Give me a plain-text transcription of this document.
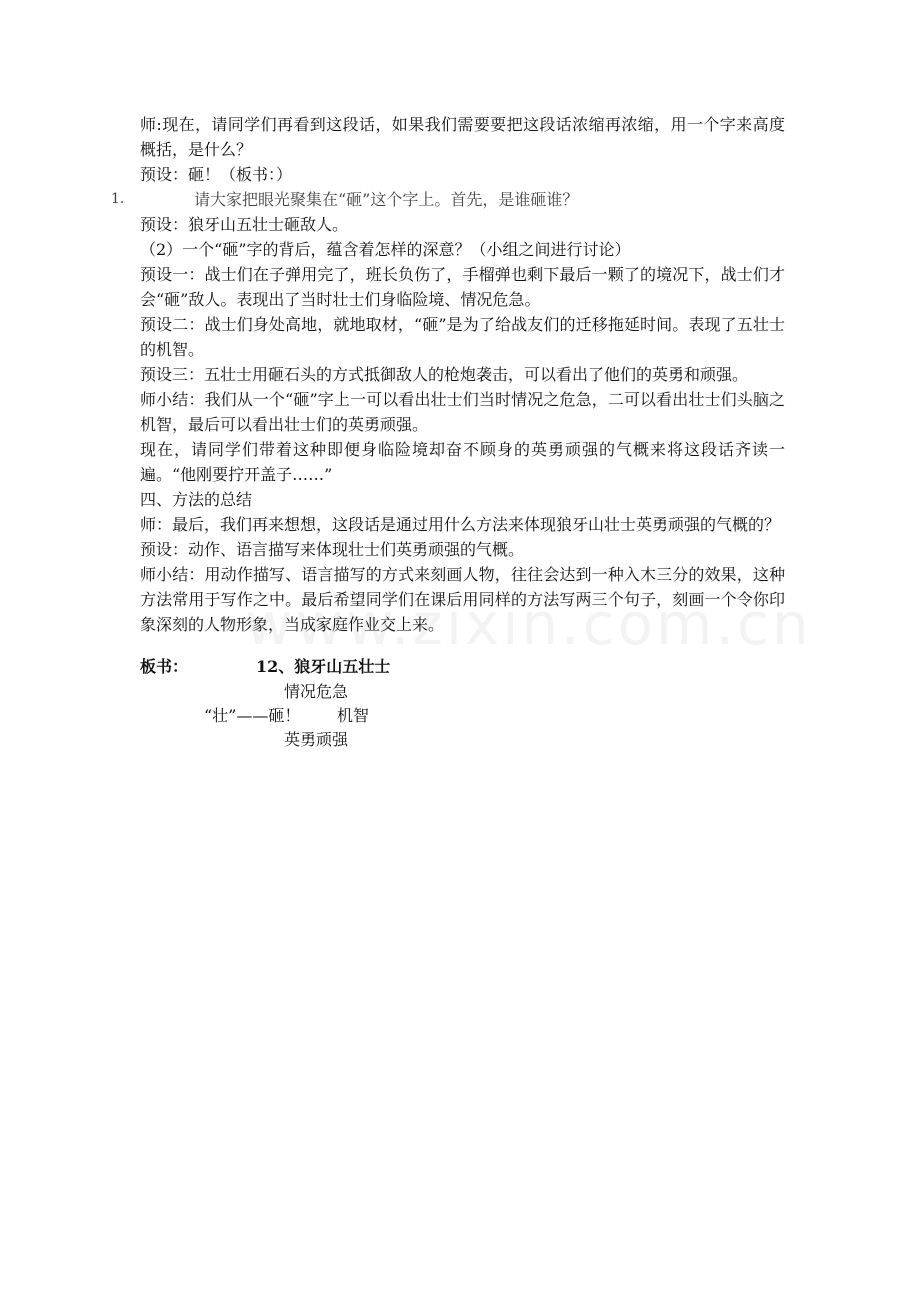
师:现在，请同学们再看到这段话，如果我们需要要把这段话浓缩再浓缩，用一个字来高度概括，是什么？

预设：砸！（板书：）

1.	请大家把眼光聚集在“砸”这个字上。首先，是谁砸谁？

预设：狼牙山五壮士砸敌人。

（2）一个“砸”字的背后，蕴含着怎样的深意？（小组之间进行讨论）

预设一：战士们在子弹用完了，班长负伤了，手榴弹也剩下最后一颗了的境况下，战士们才会“砸”敌人。表现出了当时壮士们身临险境、情况危急。

预设二：战士们身处高地，就地取材，“砸”是为了给战友们的迁移拖延时间。表现了五壮士的机智。

预设三：五壮士用砸石头的方式抵御敌人的枪炮袭击，可以看出了他们的英勇和顽强。

师小结：我们从一个“砸”字上一可以看出壮士们当时情况之危急，二可以看出壮士们头脑之机智，最后可以看出壮士们的英勇顽强。

现在，请同学们带着这种即便身临险境却奋不顾身的英勇顽强的气概来将这段话齐读一遍。“他刚要拧开盖子……”

四、方法的总结

师：最后，我们再来想想，这段话是通过用什么方法来体现狼牙山壮士英勇顽强的气概的？

预设：动作、语言描写来体现壮士们英勇顽强的气概。

师小结：用动作描写、语言描写的方式来刻画人物，往往会达到一种入木三分的效果，这种方法常用于写作之中。最后希望同学们在课后用同样的方法写两三个句子，刻画一个令你印象深刻的人物形象，当成家庭作业交上来。

板书：	12、狼牙山五壮士
情况危急
“壮”——砸！ 机智
英勇顽强
